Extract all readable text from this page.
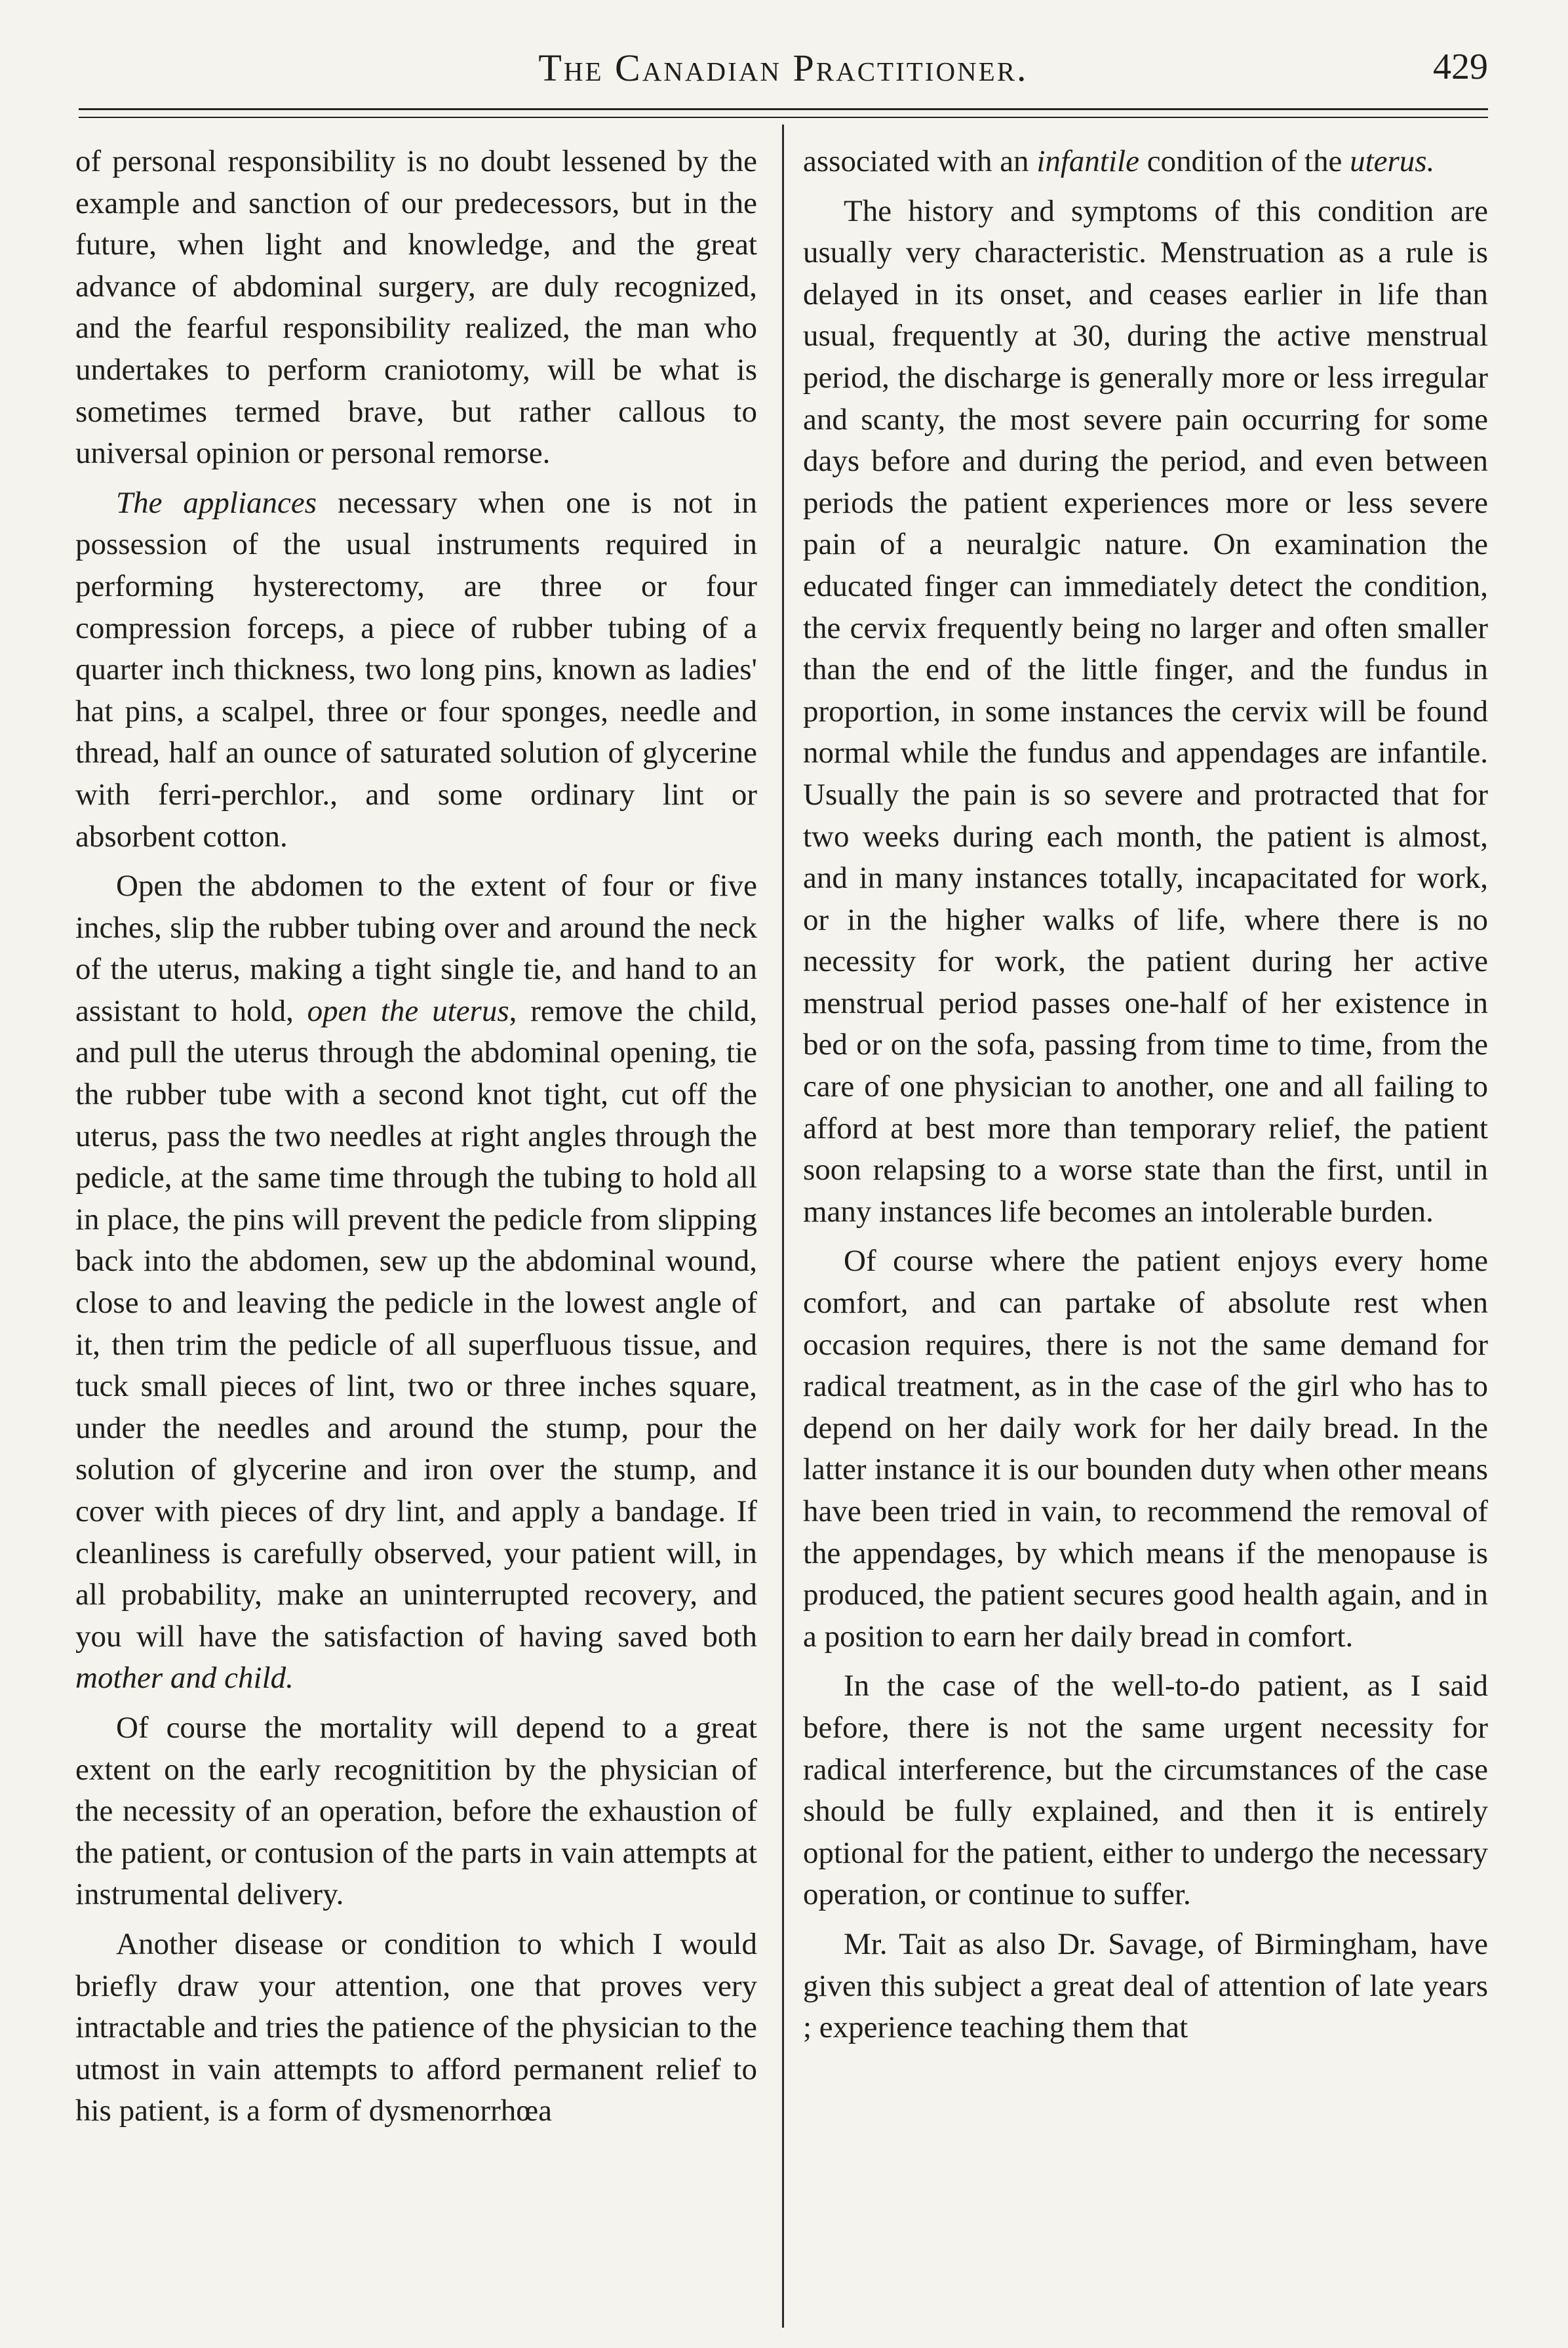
The Canadian Practitioner.	429

of personal responsibility is no doubt lessened by the example and sanction of our predecessors, but in the future, when light and knowledge, and the great advance of abdominal surgery, are duly recognized, and the fearful responsibility realized, the man who undertakes to perform craniotomy, will be what is sometimes termed brave, but rather callous to universal opinion or personal remorse.

The appliances necessary when one is not in possession of the usual instruments required in performing hysterectomy, are three or four compression forceps, a piece of rubber tubing of a quarter inch thickness, two long pins, known as ladies' hat pins, a scalpel, three or four sponges, needle and thread, half an ounce of saturated solution of glycerine with ferri-perchlor., and some ordinary lint or absorbent cotton.

Open the abdomen to the extent of four or five inches, slip the rubber tubing over and around the neck of the uterus, making a tight single tie, and hand to an assistant to hold, open the uterus, remove the child, and pull the uterus through the abdominal opening, tie the rubber tube with a second knot tight, cut off the uterus, pass the two needles at right angles through the pedicle, at the same time through the tubing to hold all in place, the pins will prevent the pedicle from slipping back into the abdomen, sew up the abdominal wound, close to and leaving the pedicle in the lowest angle of it, then trim the pedicle of all superfluous tissue, and tuck small pieces of lint, two or three inches square, under the needles and around the stump, pour the solution of glycerine and iron over the stump, and cover with pieces of dry lint, and apply a bandage. If cleanliness is carefully observed, your patient will, in all probability, make an uninterrupted recovery, and you will have the satisfaction of having saved both mother and child.

Of course the mortality will depend to a great extent on the early recognitition by the physician of the necessity of an operation, before the exhaustion of the patient, or contusion of the parts in vain attempts at instrumental delivery.

Another disease or condition to which I would briefly draw your attention, one that proves very intractable and tries the patience of the physician to the utmost in vain attempts to afford permanent relief to his patient, is a form of dysmenorrhœa

associated with an infantile condition of the uterus.

The history and symptoms of this condition are usually very characteristic. Menstruation as a rule is delayed in its onset, and ceases earlier in life than usual, frequently at 30, during the active menstrual period, the discharge is generally more or less irregular and scanty, the most severe pain occurring for some days before and during the period, and even between periods the patient experiences more or less severe pain of a neuralgic nature. On examination the educated finger can immediately detect the condition, the cervix frequently being no larger and often smaller than the end of the little finger, and the fundus in proportion, in some instances the cervix will be found normal while the fundus and appendages are infantile. Usually the pain is so severe and protracted that for two weeks during each month, the patient is almost, and in many instances totally, incapacitated for work, or in the higher walks of life, where there is no necessity for work, the patient during her active menstrual period passes one-half of her existence in bed or on the sofa, passing from time to time, from the care of one physician to another, one and all failing to afford at best more than temporary relief, the patient soon relapsing to a worse state than the first, until in many instances life becomes an intolerable burden.

Of course where the patient enjoys every home comfort, and can partake of absolute rest when occasion requires, there is not the same demand for radical treatment, as in the case of the girl who has to depend on her daily work for her daily bread. In the latter instance it is our bounden duty when other means have been tried in vain, to recommend the removal of the appendages, by which means if the menopause is produced, the patient secures good health again, and in a position to earn her daily bread in comfort.

In the case of the well-to-do patient, as I said before, there is not the same urgent necessity for radical interference, but the circumstances of the case should be fully explained, and then it is entirely optional for the patient, either to undergo the necessary operation, or continue to suffer.

Mr. Tait as also Dr. Savage, of Birmingham, have given this subject a great deal of attention of late years ; experience teaching them that
